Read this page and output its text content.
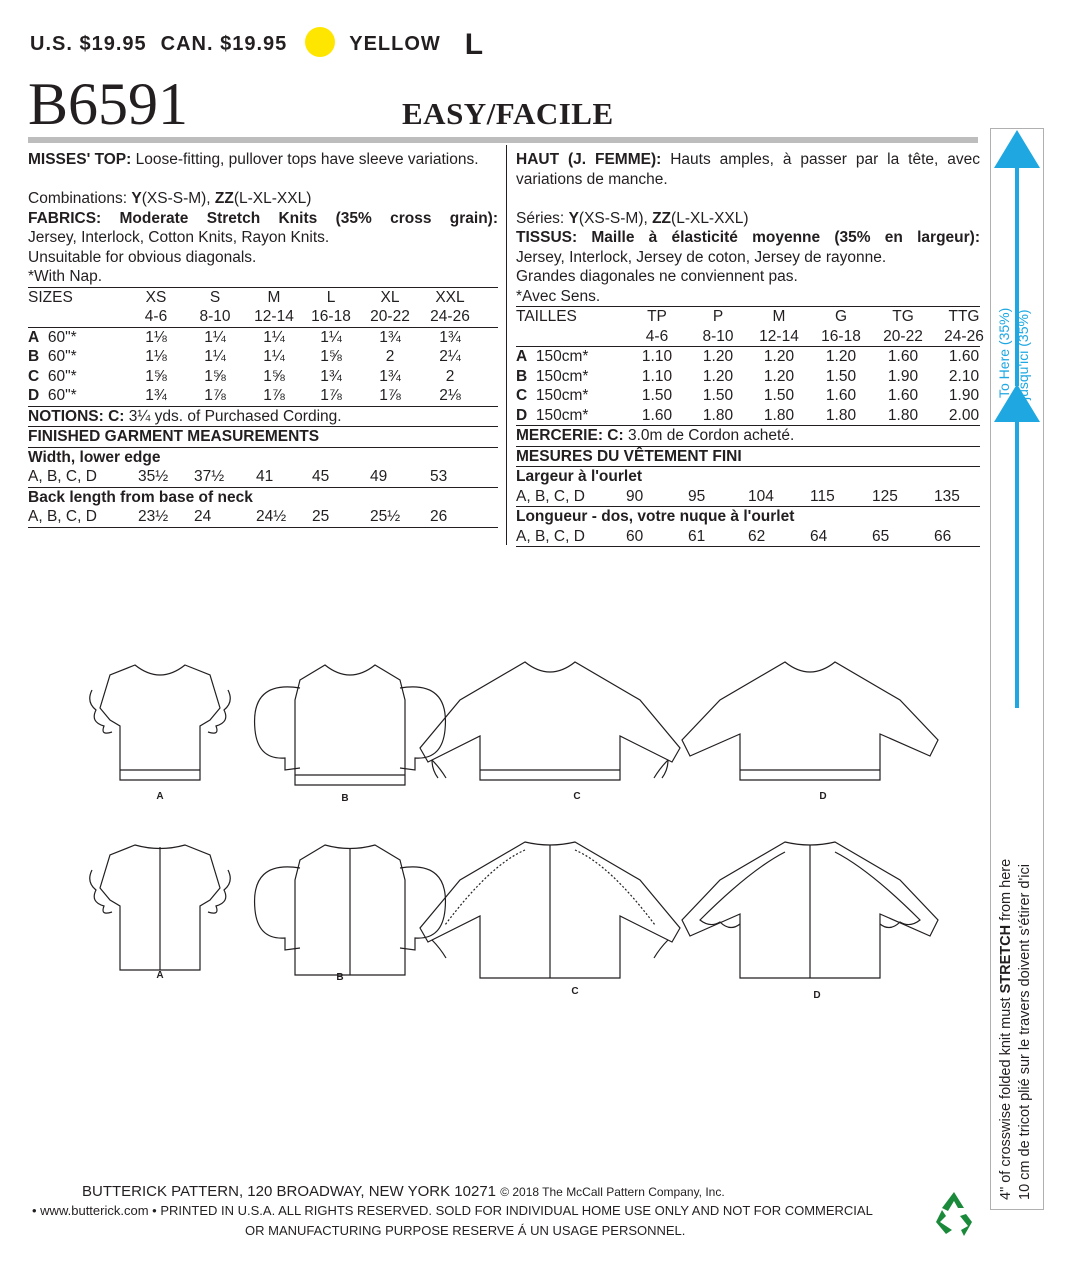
U.S. $19.95 CAN. $19.95	YELLOW L
B6591	EASY/FACILE

MISSES' TOP: Loose-fitting, pullover tops have sleeve variations.

Combinations: Y(XS-S-M), ZZ(L-XL-XXL)

FABRICS: Moderate Stretch Knits (35% cross grain):

Jersey, Interlock, Cotton Knits, Rayon Knits.

Unsuitable for obvious diagonals.

*With Nap.

SIZES	XS	S	M	L	XL	XXL
4-6	8-10	12-14	16-18	20-22	24-26
A 60"*	1⅛	1¼	1¼	1¼	1¾	1¾
B 60"*	1⅛	1¼	1¼	1⅝	2	2¼
C 60"*	1⅝	1⅝	1⅝	1¾	1¾	2
D 60"*	1¾	1⅞	1⅞	1⅞	1⅞	2⅛

NOTIONS: C: 3¼ yds. of Purchased Cording.

FINISHED GARMENT MEASUREMENTS

Width, lower edge

A, B, C, D	35½	37½	41	45	49	53

Back length from base of neck

A, B, C, D	23½	24	24½	25	25½	26

HAUT (J. FEMME): Hauts amples, à passer par la tête, avec variations de manche.

Séries: Y(XS-S-M), ZZ(L-XL-XXL)

TISSUS: Maille à élasticité moyenne (35% en largeur):

Jersey, Interlock, Jersey de coton, Jersey de rayonne.

Grandes diagonales ne conviennent pas.

*Avec Sens.

TAILLES	TP	P	M	G	TG	TTG
4-6	8-10	12-14	16-18	20-22	24-26
A 150cm*	1.10	1.20	1.20	1.20	1.60	1.60
B 150cm*	1.10	1.20	1.20	1.50	1.90	2.10
C 150cm*	1.50	1.50	1.50	1.60	1.60	1.90
D 150cm*	1.60	1.80	1.80	1.80	1.80	2.00

MERCERIE: C: 3.0m de Cordon acheté.

MESURES DU VÊTEMENT FINI

Largeur à l'ourlet

A, B, C, D	90	95	104	115	125	135

Longueur - dos, votre nuque à l'ourlet

A, B, C, D	60	61	62	64	65	66
A	B	C	D
A	B
C	D
To Here (35%) jusqu'ici (35%)
4" of crosswise folded knit must STRETCH from here 10 cm de tricot plié sur le travers doivent s'étirer d'ici
BUTTERICK PATTERN, 120 BROADWAY, NEW YORK 10271 © 2018 The McCall Pattern Company, Inc.
• www.butterick.com • PRINTED IN U.S.A. ALL RIGHTS RESERVED. SOLD FOR INDIVIDUAL HOME USE ONLY AND NOT FOR COMMERCIAL
OR MANUFACTURING PURPOSE RESERVE Á UN USAGE PERSONNEL.
